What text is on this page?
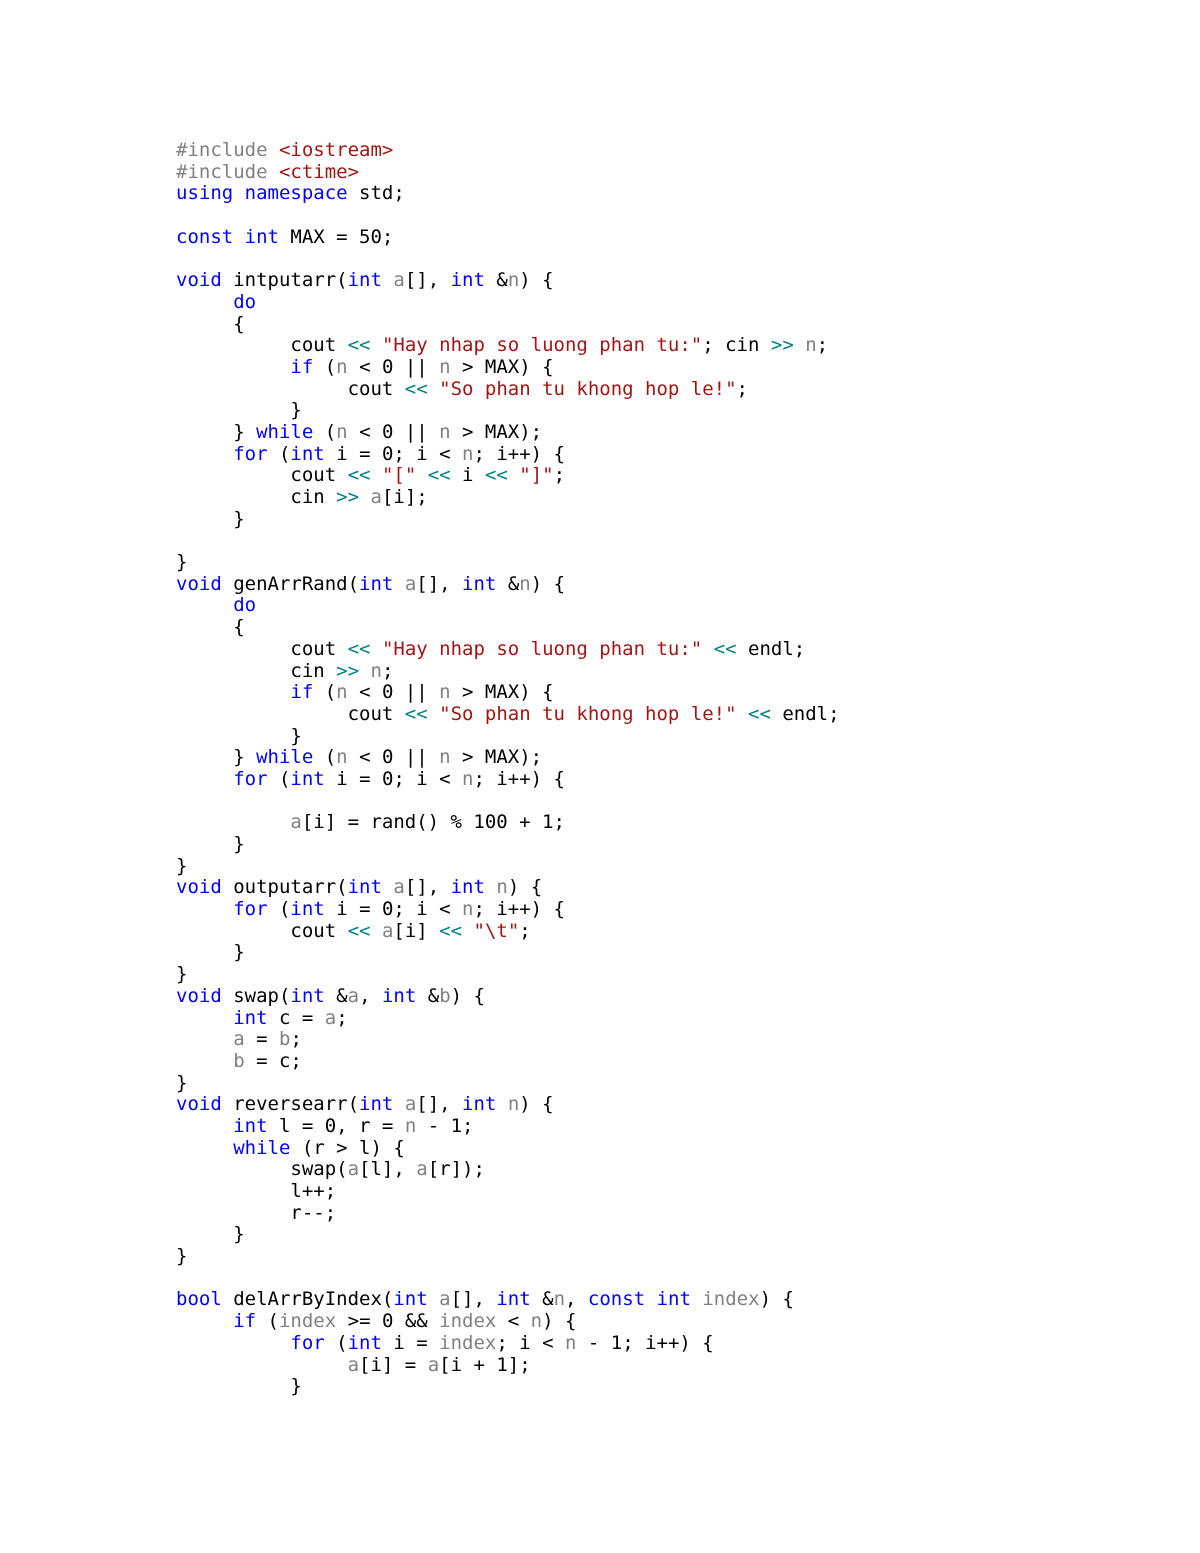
#include <iostream>
#include <ctime>
using namespace std;
const int MAX = 50;
void intputarr(int a[], int &n) {
do
{
cout << "Hay nhap so luong phan tu:"; cin >> n;
if (n < 0 || n > MAX) {
cout << "So phan tu khong hop le!";
}
} while (n < 0 || n > MAX);
for (int i = 0; i < n; i++) {
cout << "[" << i << "]";
cin >> a[i];
}
}
void genArrRand(int a[], int &n) {
do
{
cout << "Hay nhap so luong phan tu:" << endl;
cin >> n;
if (n < 0 || n > MAX) {
cout << "So phan tu khong hop le!" << endl;
}
} while (n < 0 || n > MAX);
for (int i = 0; i < n; i++) {
a[i] = rand() % 100 + 1;
}
}
void outputarr(int a[], int n) {
for (int i = 0; i < n; i++) {
cout << a[i] << "\t";
}
}
void swap(int &a, int &b) {
int c = a;
a = b;
b = c;
}
void reversearr(int a[], int n) {
int l = 0, r = n - 1;
while (r > l) {
swap(a[l], a[r]);
l++;
r--;
}
}
bool delArrByIndex(int a[], int &n, const int index) {
if (index >= 0 && index < n) {
for (int i = index; i < n - 1; i++) {
a[i] = a[i + 1];
}
